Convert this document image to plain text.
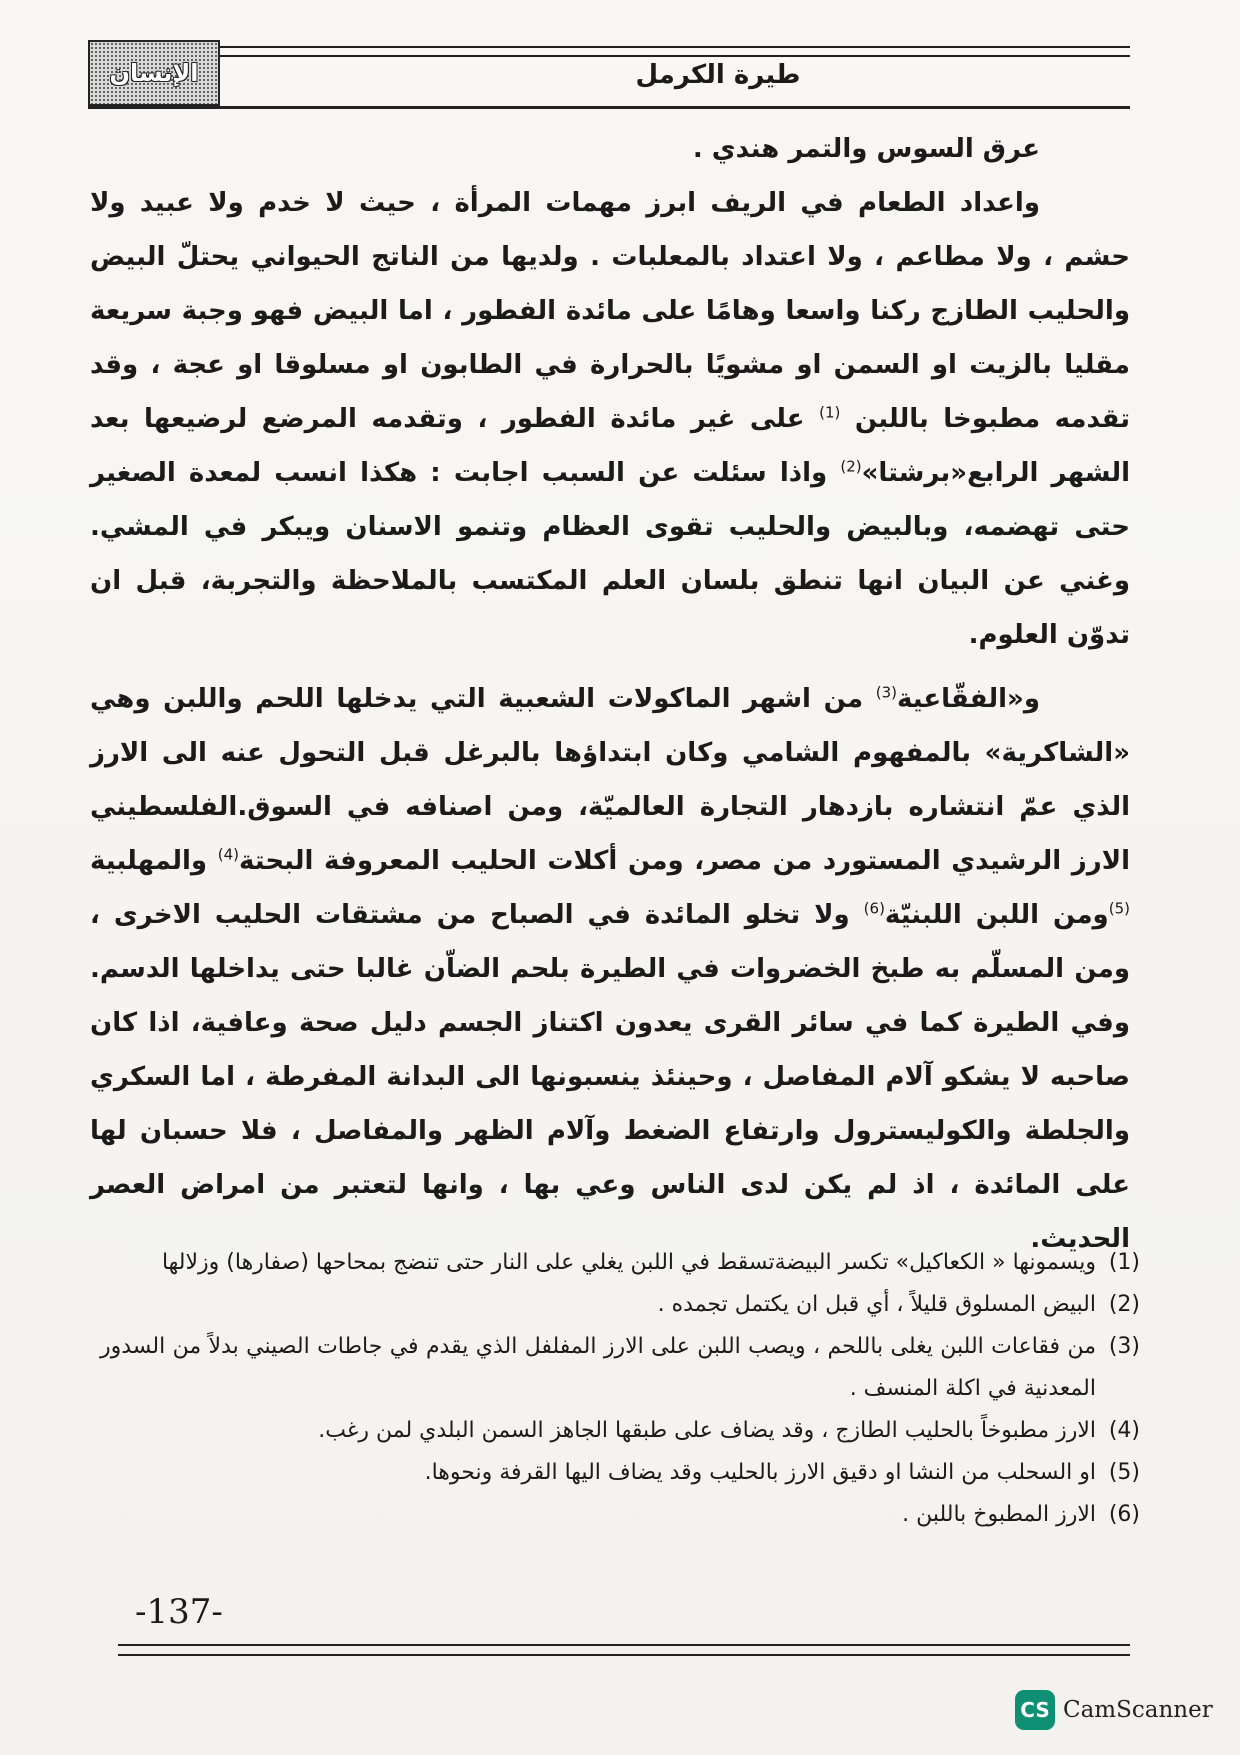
الإنسان	طيرة الكرمل

عرق السوس والتمر هندي .

واعداد الطعام في الريف ابرز مهمات المرأة ، حيث لا خدم ولا عبيد ولا حشم ، ولا مطاعم ، ولا اعتداد بالمعلبات . ولديها من الناتج الحيواني يحتلّ البيض والحليب الطازج ركنا واسعا وهامًا على مائدة الفطور ، اما البيض فهو وجبة سريعة مقليا بالزيت او السمن او مشويًا بالحرارة في الطابون او مسلوقا او عجة ، وقد تقدمه مطبوخا باللبن $^{(1)}$ على غير مائدة الفطور ، وتقدمه المرضع لرضيعها بعد الشهر الرابع«برشتا»$^{(2)}$ واذا سئلت عن السبب اجابت : هكذا انسب لمعدة الصغير حتى تهضمه، وبالبيض والحليب تقوى العظام وتنمو الاسنان ويبكر في المشي. وغني عن البيان انها تنطق بلسان العلم المكتسب بالملاحظة والتجربة، قبل ان تدوّن العلوم.

و«الفقّاعية$^{(3)}$ من اشهر الماكولات الشعبية التي يدخلها اللحم واللبن وهي «الشاكرية» بالمفهوم الشامي وكان ابتداؤها بالبرغل قبل التحول عنه الى الارز الذي عمّ انتشاره بازدهار التجارة العالميّة، ومن اصنافه في السوق.الفلسطيني الارز الرشيدي المستورد من مصر، ومن أكلات الحليب المعروفة البحتة$^{(4)}$ والمهلبية $^{(5)}$ومن اللبن اللبنيّة$^{(6)}$ ولا تخلو المائدة في الصباح من مشتقات الحليب الاخرى ، ومن المسلّم به طبخ الخضروات في الطيرة بلحم الضاّن غالبا حتى يداخلها الدسم. وفي الطيرة كما في سائر القرى يعدون اكتناز الجسم دليل صحة وعافية، اذا كان صاحبه لا يشكو آلام المفاصل ، وحينئذ ينسبونها الى البدانة المفرطة ، اما السكري والجلطة والكوليسترول وارتفاع الضغط وآلام الظهر والمفاصل ، فلا حسبان لها على المائدة ، اذ لم يكن لدى الناس وعي بها ، وانها لتعتبر من امراض العصر الحديث.

(1)
ويسمونها « الكعاكيل» تكسر البيضةتسقط في اللبن يغلي على النار حتى تنضج بمحاحها (صفارها) وزلالها
(2)
البيض المسلوق قليلاً ، أي قبل ان يكتمل تجمده .
(3)
من فقاعات اللبن يغلى باللحم ، ويصب اللبن على الارز المفلفل الذي يقدم في جاطات الصيني بدلاً من السدور المعدنية في اكلة المنسف .
(4)
الارز مطبوخاً بالحليب الطازج ، وقد يضاف على طبقها الجاهز السمن البلدي لمن رغب.
(5)
او السحلب من النشا او دقيق الارز بالحليب وقد يضاف اليها القرفة ونحوها.
(6)
الارز المطبوخ باللبن .
-137-
CS CamScanner
